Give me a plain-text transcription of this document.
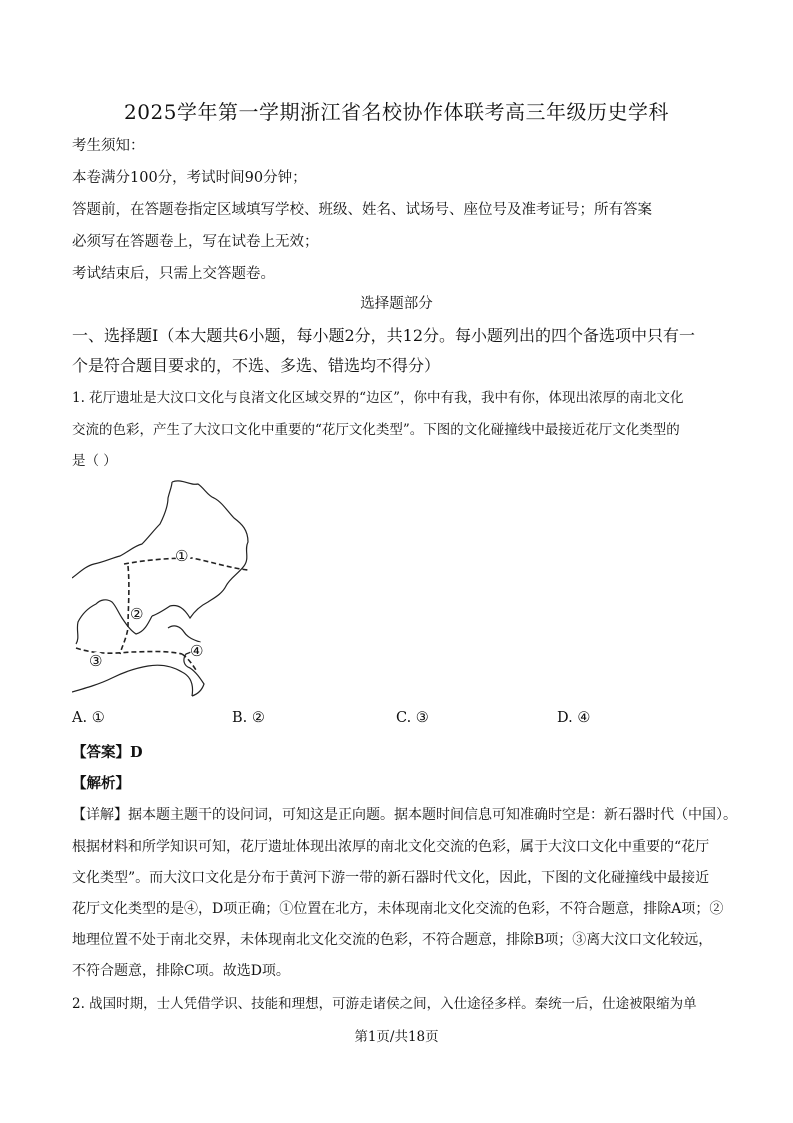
2025学年第一学期浙江省名校协作体联考高三年级历史学科
考生须知：
本卷满分100分，考试时间90分钟；
答题前，在答题卷指定区域填写学校、班级、姓名、试场号、座位号及准考证号；所有答案
必须写在答题卷上，写在试卷上无效；
考试结束后，只需上交答题卷。
选择题部分
一、选择题Ⅰ（本大题共6小题，每小题2分，共12分。每小题列出的四个备选项中只有一
个是符合题目要求的，不选、多选、错选均不得分）
1. 花厅遗址是大汶口文化与良渚文化区域交界的“边区”，你中有我，我中有你，体现出浓厚的南北文化
交流的色彩，产生了大汶口文化中重要的“花厅文化类型”。下图的文化碰撞线中最接近花厅文化类型的
是（ ）
①
②
③
④
A. ①	B. ②	C. ③	D. ④
【答案】D
【解析】
【详解】据本题主题干的设问词，可知这是正向题。据本题时间信息可知准确时空是：新石器时代（中国）。
根据材料和所学知识可知，花厅遗址体现出浓厚的南北文化交流的色彩，属于大汶口文化中重要的“花厅
文化类型”。而大汶口文化是分布于黄河下游一带的新石器时代文化，因此，下图的文化碰撞线中最接近
花厅文化类型的是④，D项正确；①位置在北方，未体现南北文化交流的色彩，不符合题意，排除A项；②
地理位置不处于南北交界，未体现南北文化交流的色彩，不符合题意，排除B项；③离大汶口文化较远，
不符合题意，排除C项。故选D项。
2. 战国时期，士人凭借学识、技能和理想，可游走诸侯之间，入仕途径多样。秦统一后，仕途被限缩为单
第1页/共18页
